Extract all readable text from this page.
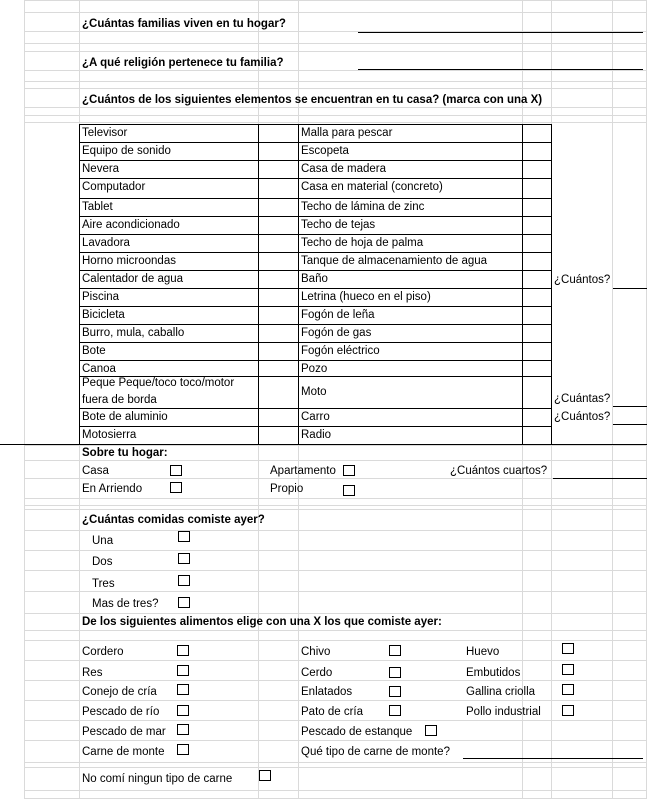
¿Cuántas familias viven en tu hogar?
¿A qué religión pertenece tu familia?
¿Cuántos de los siguientes elementos se encuentran en tu casa? (marca con una X)
Televisor
Equipo de sonido
Nevera
Computador
Tablet
Aire acondicionado
Lavadora
Horno microondas
Calentador de agua
Piscina
Bicicleta
Burro, mula, caballo
Bote
Canoa
Peque Peque/toco toco/motor
fuera de borda
Bote de aluminio
Motosierra
Malla para pescar
Escopeta
Casa de madera
Casa en material (concreto)
Techo de lámina de zinc
Techo de tejas
Techo de hoja de palma
Tanque de almacenamiento de agua
Baño
Letrina (hueco en el piso)
Fogón de leña
Fogón de gas
Fogón eléctrico
Pozo
Moto
Carro
Radio
¿Cuántos?
¿Cuántas?
¿Cuántos?
Sobre tu hogar:
Casa
En Arriendo
Apartamento
Propio
¿Cuántos cuartos?
¿Cuántas comidas comiste ayer?
Una
Dos
Tres
Mas de tres?
De los siguientes alimentos elige con una X los que comiste ayer:
Cordero
Res
Conejo de cría
Pescado de río
Pescado de mar
Carne de monte
Chivo
Cerdo
Enlatados
Pato de cría
Pescado de estanque
Qué tipo de carne de monte?
Huevo
Embutidos
Gallina criolla
Pollo industrial
No comí ningun tipo de carne
